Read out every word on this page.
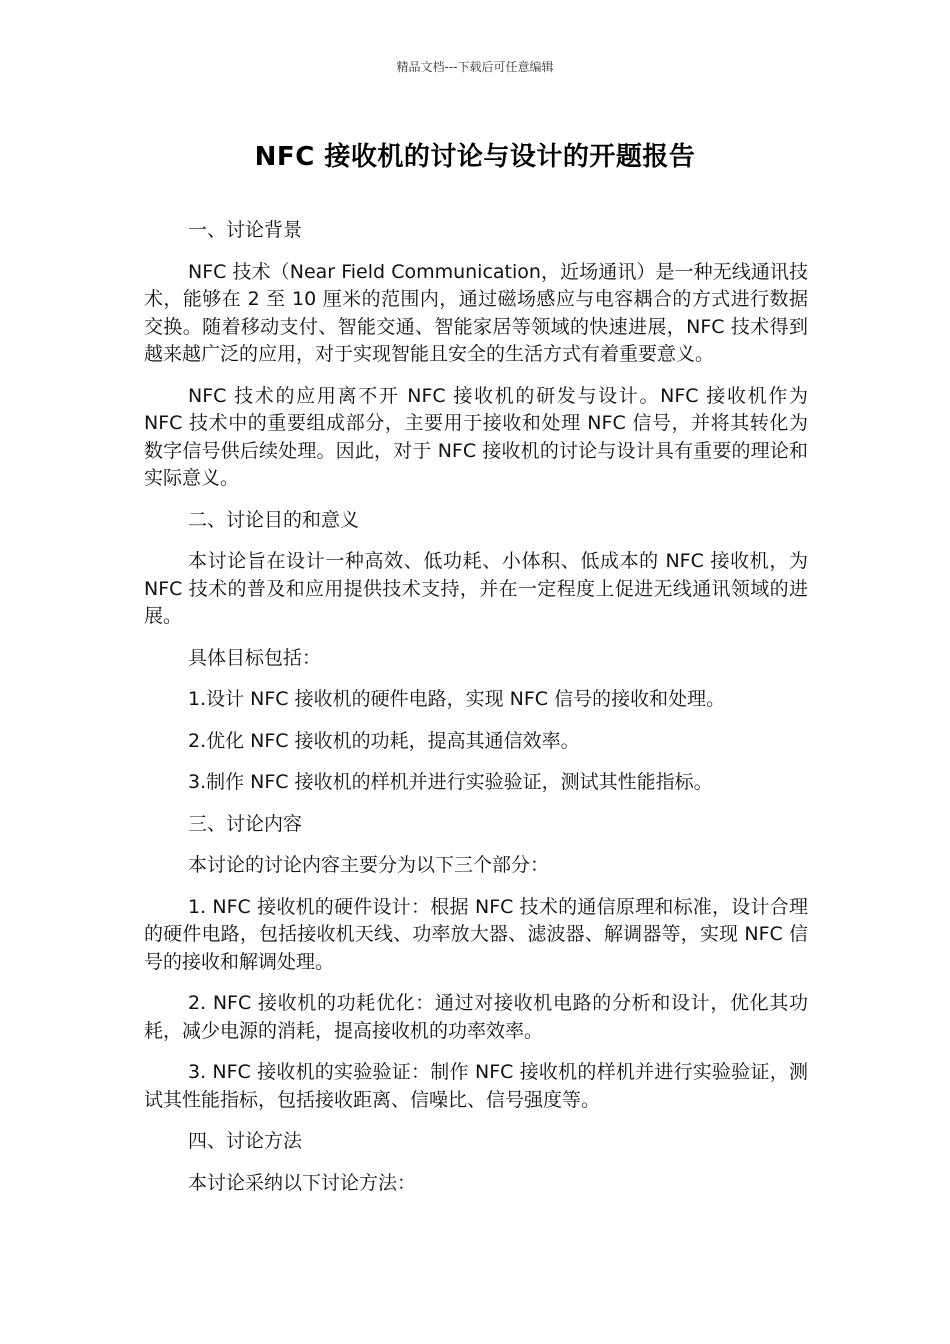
精品文档---下载后可任意编辑
NFC 接收机的讨论与设计的开题报告

一、讨论背景

NFC 技术（Near Field Communication，近场通讯）是一种无线通讯技术，能够在 2 至 10 厘米的范围内，通过磁场感应与电容耦合的方式进行数据交换。随着移动支付、智能交通、智能家居等领域的快速进展，NFC 技术得到越来越广泛的应用，对于实现智能且安全的生活方式有着重要意义。

NFC 技术的应用离不开 NFC 接收机的研发与设计。NFC 接收机作为 NFC 技术中的重要组成部分，主要用于接收和处理 NFC 信号，并将其转化为数字信号供后续处理。因此，对于 NFC 接收机的讨论与设计具有重要的理论和实际意义。

二、讨论目的和意义

本讨论旨在设计一种高效、低功耗、小体积、低成本的 NFC 接收机，为 NFC 技术的普及和应用提供技术支持，并在一定程度上促进无线通讯领域的进展。

具体目标包括：

1.设计 NFC 接收机的硬件电路，实现 NFC 信号的接收和处理。

2.优化 NFC 接收机的功耗，提高其通信效率。

3.制作 NFC 接收机的样机并进行实验验证，测试其性能指标。

三、讨论内容

本讨论的讨论内容主要分为以下三个部分：

1. NFC 接收机的硬件设计：根据 NFC 技术的通信原理和标准，设计合理的硬件电路，包括接收机天线、功率放大器、滤波器、解调器等，实现 NFC 信号的接收和解调处理。

2. NFC 接收机的功耗优化：通过对接收机电路的分析和设计，优化其功耗，减少电源的消耗，提高接收机的功率效率。

3. NFC 接收机的实验验证：制作 NFC 接收机的样机并进行实验验证，测试其性能指标，包括接收距离、信噪比、信号强度等。

四、讨论方法

本讨论采纳以下讨论方法：
